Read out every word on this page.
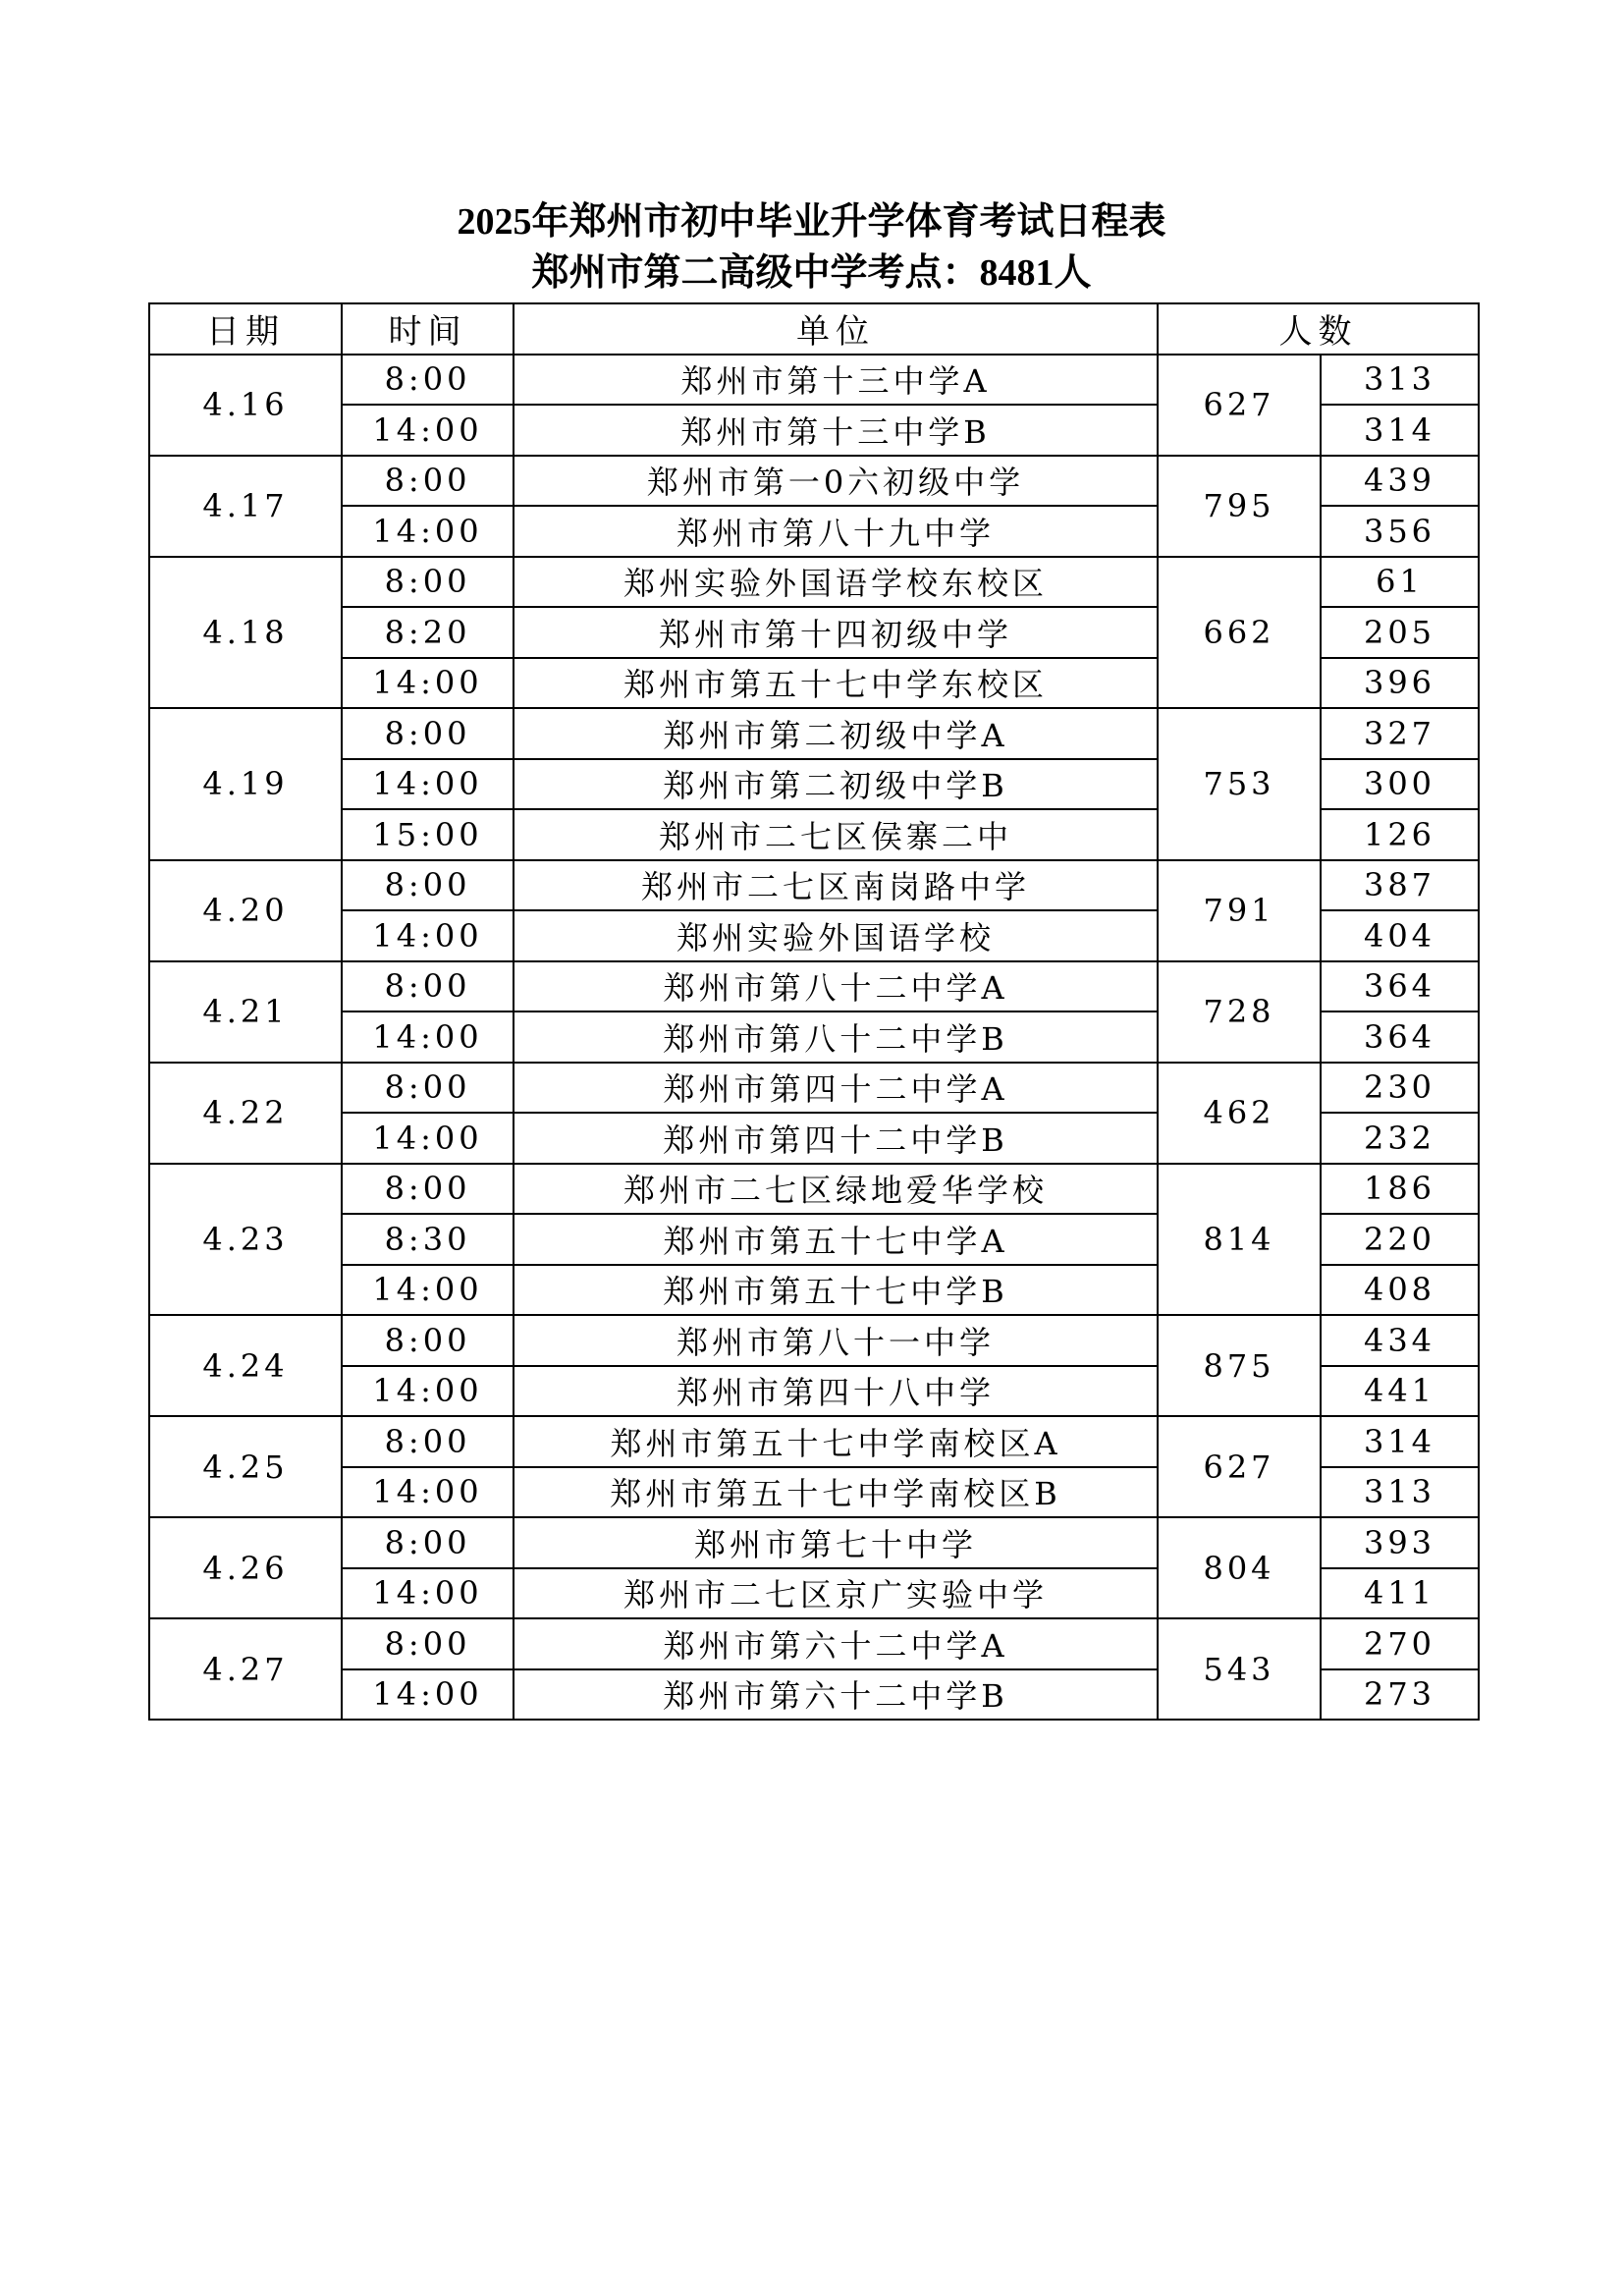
2025年郑州市初中毕业升学体育考试日程表
郑州市第二高级中学考点：8481人
日期	时间	单位	人数	
4.16	8:00	郑州市第十三中学A	627	313
	14:00	郑州市第十三中学B		314
4.17	8:00	郑州市第一0六初级中学	795	439
	14:00	郑州市第八十九中学		356
4.18	8:00	郑州实验外国语学校东校区	662	61
	8:20	郑州市第十四初级中学		205
	14:00	郑州市第五十七中学东校区		396
4.19	8:00	郑州市第二初级中学A	753	327
	14:00	郑州市第二初级中学B		300
	15:00	郑州市二七区侯寨二中		126
4.20	8:00	郑州市二七区南岗路中学	791	387
	14:00	郑州实验外国语学校		404
4.21	8:00	郑州市第八十二中学A	728	364
	14:00	郑州市第八十二中学B		364
4.22	8:00	郑州市第四十二中学A	462	230
	14:00	郑州市第四十二中学B		232
4.23	8:00	郑州市二七区绿地爱华学校	814	186
	8:30	郑州市第五十七中学A		220
	14:00	郑州市第五十七中学B		408
4.24	8:00	郑州市第八十一中学	875	434
	14:00	郑州市第四十八中学		441
4.25	8:00	郑州市第五十七中学南校区A	627	314
	14:00	郑州市第五十七中学南校区B		313
4.26	8:00	郑州市第七十中学	804	393
	14:00	郑州市二七区京广实验中学		411
4.27	8:00	郑州市第六十二中学A	543	270
	14:00	郑州市第六十二中学B		273
